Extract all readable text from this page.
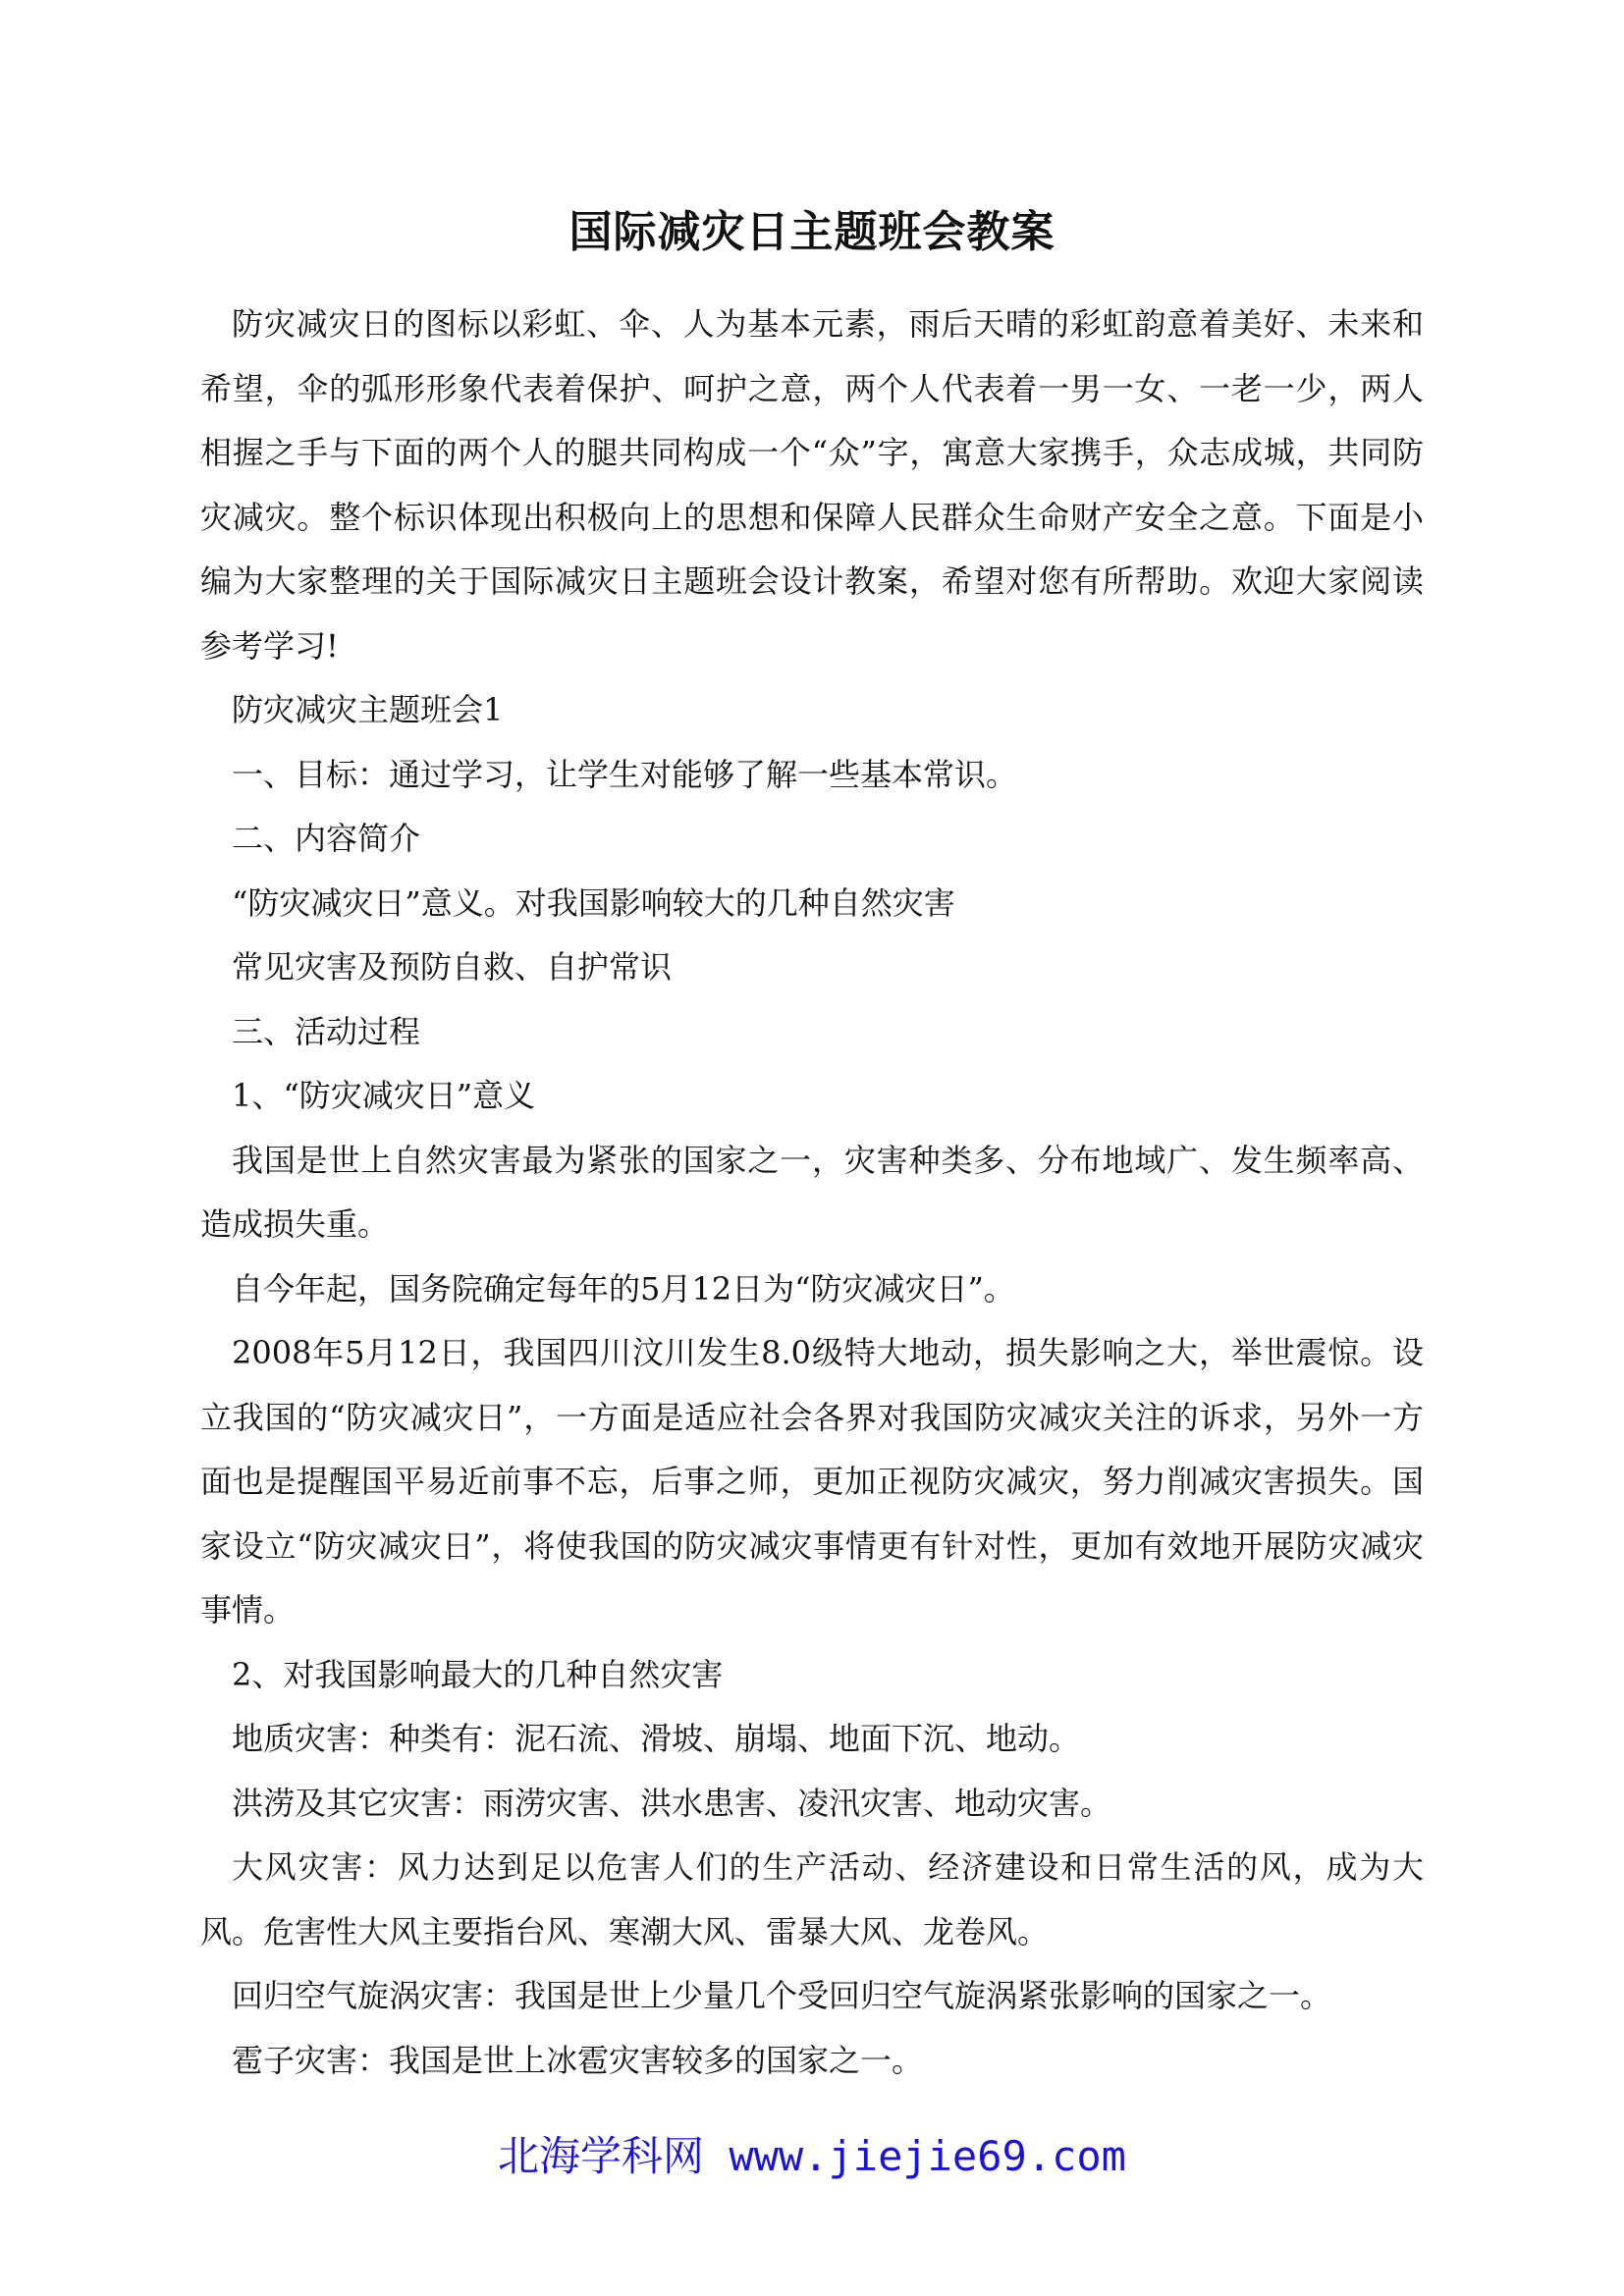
国际减灾日主题班会教案

防灾减灾日的图标以彩虹、伞、人为基本元素，雨后天晴的彩虹韵意着美好、未来和希望，伞的弧形形象代表着保护、呵护之意，两个人代表着一男一女、一老一少，两人相握之手与下面的两个人的腿共同构成一个“众”字，寓意大家携手，众志成城，共同防灾减灾。整个标识体现出积极向上的思想和保障人民群众生命财产安全之意。下面是小编为大家整理的关于国际减灾日主题班会设计教案，希望对您有所帮助。欢迎大家阅读参考学习!

防灾减灾主题班会1

一、目标：通过学习，让学生对能够了解一些基本常识。

二、内容简介

“防灾减灾日”意义。对我国影响较大的几种自然灾害

常见灾害及预防自救、自护常识

三、活动过程

1、“防灾减灾日”意义

我国是世上自然灾害最为紧张的国家之一，灾害种类多、分布地域广、发生频率高、造成损失重。

自今年起，国务院确定每年的5月12日为“防灾减灾日”。

2008年5月12日，我国四川汶川发生8.0级特大地动，损失影响之大，举世震惊。设立我国的“防灾减灾日”，一方面是适应社会各界对我国防灾减灾关注的诉求，另外一方面也是提醒国平易近前事不忘，后事之师，更加正视防灾减灾，努力削减灾害损失。国家设立“防灾减灾日”，将使我国的防灾减灾事情更有针对性，更加有效地开展防灾减灾事情。

2、对我国影响最大的几种自然灾害

地质灾害：种类有：泥石流、滑坡、崩塌、地面下沉、地动。

洪涝及其它灾害：雨涝灾害、洪水患害、凌汛灾害、地动灾害。

大风灾害：风力达到足以危害人们的生产活动、经济建设和日常生活的风，成为大风。危害性大风主要指台风、寒潮大风、雷暴大风、龙卷风。

回归空气旋涡灾害：我国是世上少量几个受回归空气旋涡紧张影响的国家之一。

雹子灾害：我国是世上冰雹灾害较多的国家之一。

北海学科网 www.jiejie69.com
